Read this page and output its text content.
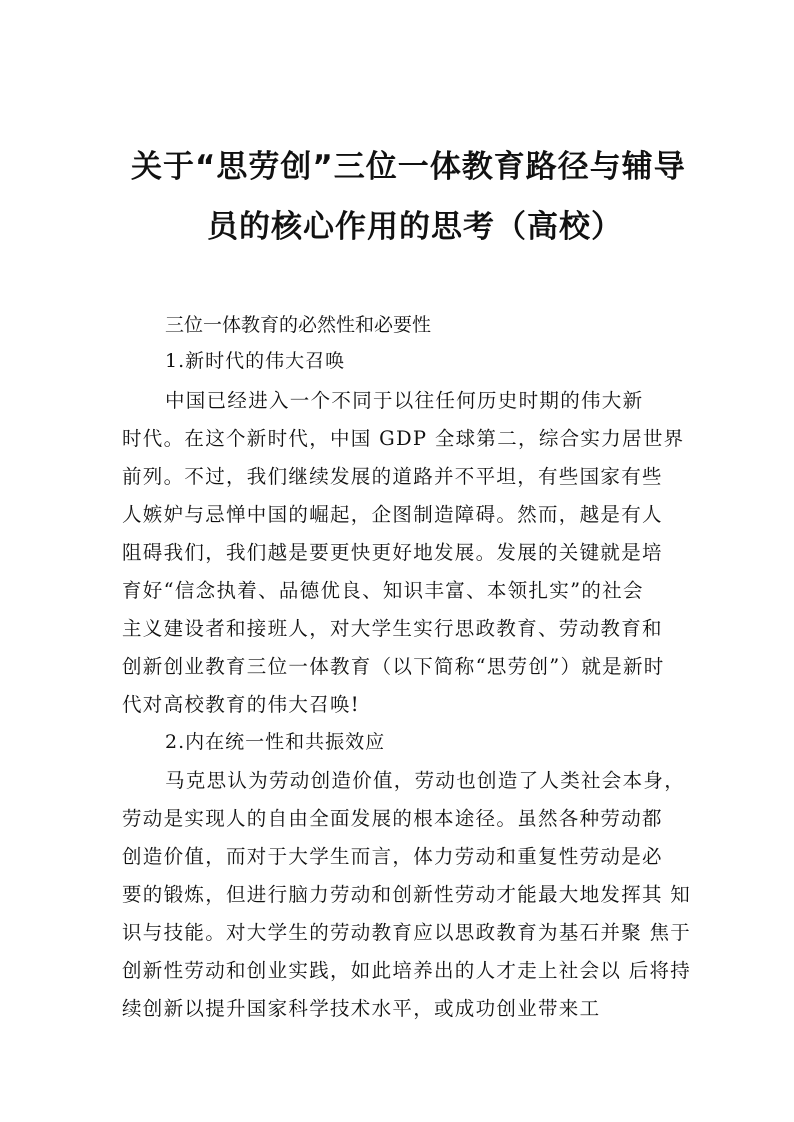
关于“思劳创”三位一体教育路径与辅导
员的核心作用的思考（高校）
三位一体教育的必然性和必要性
1.新时代的伟大召唤
中国已经进入一个不同于以往任何历史时期的伟大新
时代。在这个新时代，中国 GDP 全球第二，综合实力居世界
前列。不过，我们继续发展的道路并不平坦，有些国家有些
人嫉妒与忌惮中国的崛起，企图制造障碍。然而，越是有人
阻碍我们，我们越是要更快更好地发展。发展的关键就是培
育好“信念执着、品德优良、知识丰富、本领扎实”的社会
主义建设者和接班人，对大学生实行思政教育、劳动教育和
创新创业教育三位一体教育（以下简称“思劳创”）就是新时
代对高校教育的伟大召唤!
2.内在统一性和共振效应
马克思认为劳动创造价值，劳动也创造了人类社会本身，
劳动是实现人的自由全面发展的根本途径。虽然各种劳动都
创造价值，而对于大学生而言，体力劳动和重复性劳动是必
要的锻炼，但进行脑力劳动和创新性劳动才能最大地发挥其 知
识与技能。对大学生的劳动教育应以思政教育为基石并聚 焦于
创新性劳动和创业实践，如此培养出的人才走上社会以 后将持
续创新以提升国家科学技术水平，或成功创业带来工
